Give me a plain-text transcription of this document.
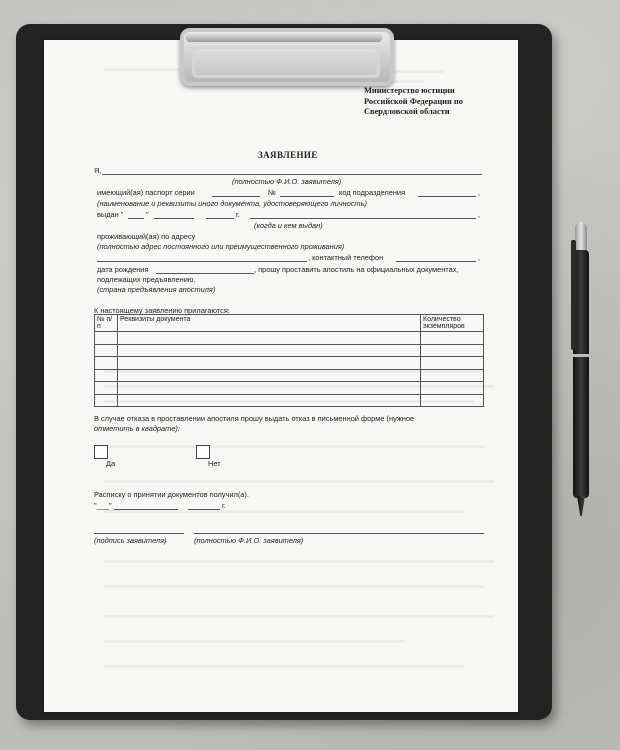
Министерство юстиции
Российской Федерации по
Свердловской области
ЗАЯВЛЕНИЕ
Я,
(полностью Ф.И.О. заявителя)
имеющий(ая) паспорт серии	№	код подразделения	,
(наименование и реквизиты иного документа, удостоверяющего личность)
выдан "	"	г.	,
(когда и кем выдан)
проживающий(ая) по адресу
(полностью адрес постоянного или преимущественного проживания)
, контактный телефон	,
дата рождения	, прошу проставить апостиль на официальных документах,
подлежащих предъявлению.
(страна предъявления апостиля)
К настоящему заявлению прилагаются:
№ п/п	Реквизиты документа	Количество экземпляров

В случае отказа в проставлении апостиля прошу выдать отказ в письменной форме (нужное
отметить в квадрате):
Да	Нет
Расписку о принятии документов получил(а).
"___"	г.
(подпись заявителя)	(полностью Ф.И.О. заявителя)
